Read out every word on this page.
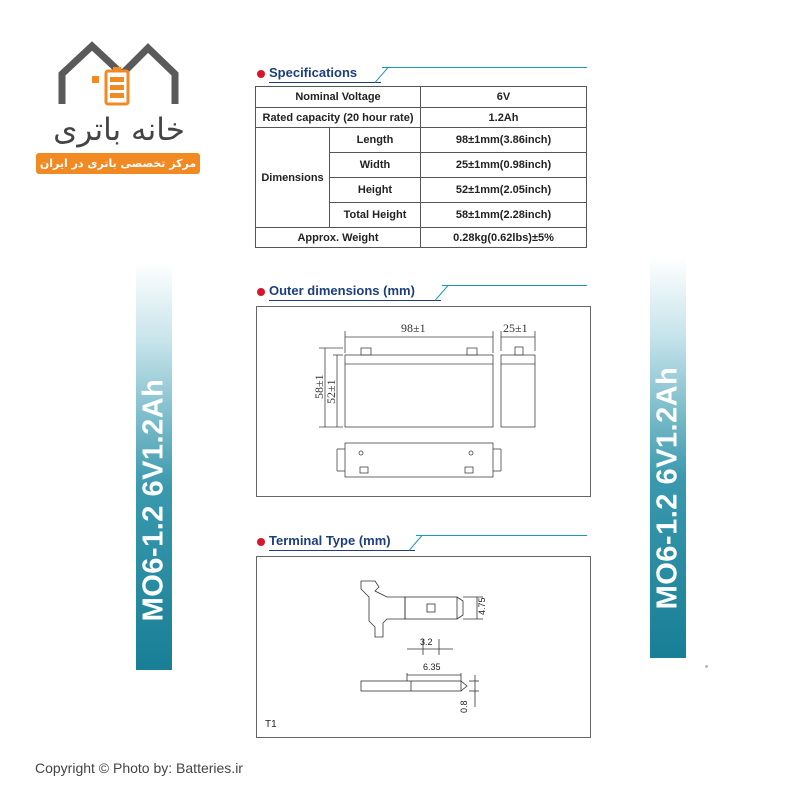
خانه باتری
مرکز تخصصی باتری در ایران
Specifications
Nominal Voltage		6V
Rated capacity (20 hour rate)		1.2Ah
Dimensions	Length	98±1mm(3.86inch)
	Width	25±1mm(0.98inch)
	Height	52±1mm(2.05inch)
	Total Height	58±1mm(2.28inch)
Approx. Weight		0.28kg(0.62lbs)±5%
Outer dimensions (mm)
98±1	25±1
58±1
52±1
Terminal Type (mm)
4.75
3.2
6.35
0.8
T1
MO6-1.2 6V1.2Ah	MO6-1.2 6V1.2Ah
Copyright © Photo by: Batteries.ir
